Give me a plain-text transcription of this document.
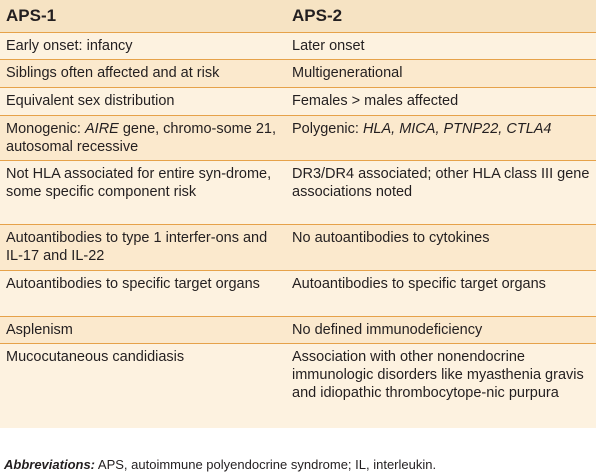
APS-1	APS-2
Early onset: infancy	Later onset
Siblings often affected and at risk	Multigenerational
Equivalent sex distribution	Females > males affected
Monogenic: AIRE gene, chromo-some 21, autosomal recessive	Polygenic: HLA, MICA, PTNP22, CTLA4
Not HLA associated for entire syn-drome, some specific component risk	DR3/DR4 associated; other HLA class III gene associations noted
Autoantibodies to type 1 interfer-ons and IL-17 and IL-22	No autoantibodies to cytokines
Autoantibodies to specific target organs	Autoantibodies to specific target organs
Asplenism	No defined immunodeficiency
Mucocutaneous candidiasis	Association with other nonendocrine immunologic disorders like myasthenia gravis and idiopathic thrombocytope-nic purpura
Abbreviations: APS, autoimmune polyendocrine syndrome; IL, interleukin.
